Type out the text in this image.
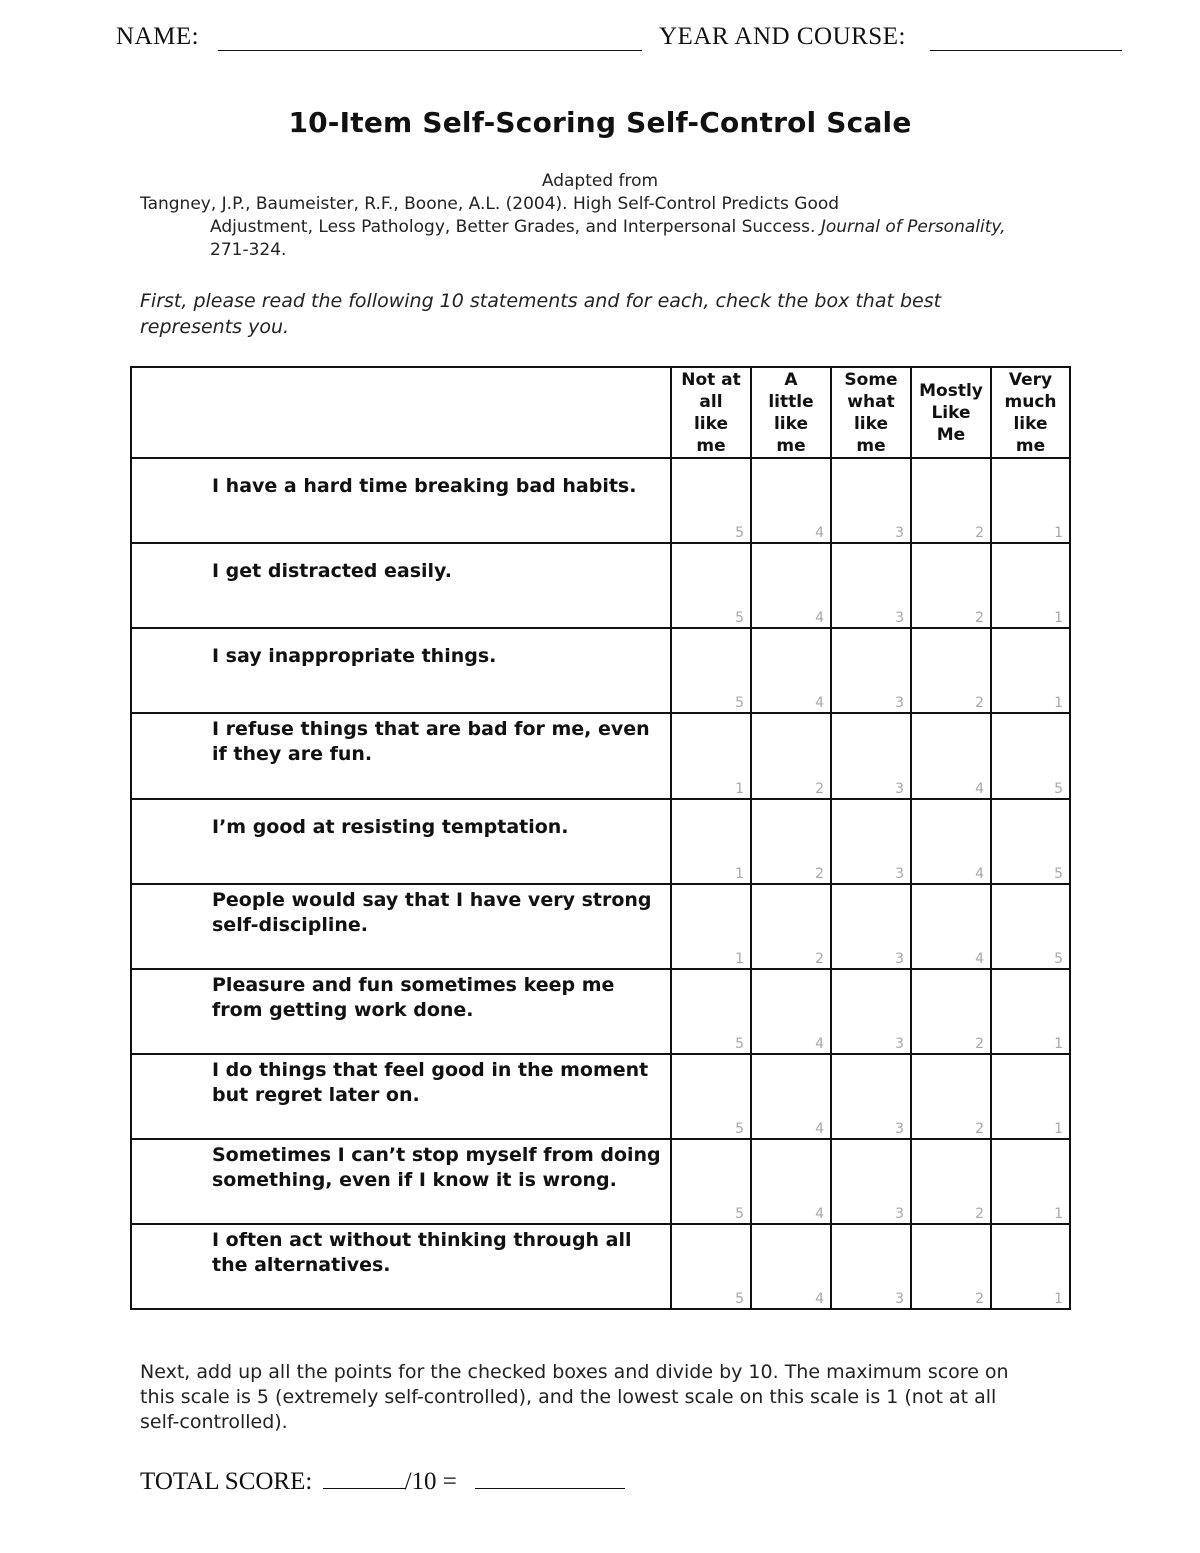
NAME:	YEAR AND COURSE:
10-Item Self-Scoring Self-Control Scale
Adapted from
Tangney, J.P., Baumeister, R.F., Boone, A.L. (2004). High Self-Control Predicts Good
Adjustment, Less Pathology, Better Grades, and Interpersonal Success. Journal of Personality,
271-324.
First, please read the following 10 statements and for each, check the box that best represents you.

	Not at
all
like
me	A
little
like
me	Some
what
like
me	Mostly
Like
Me	Very
much
like
me

I have a hard time breaking bad habits.	5	4	3	2	1

I get distracted easily.	5	4	3	2	1

I say inappropriate things.	5	4	3	2	1

I refuse things that are bad for me, even if they are fun.	1	2	3	4	5

I’m good at resisting temptation.	1	2	3	4	5

People would say that I have very strong self-discipline.	1	2	3	4	5

Pleasure and fun sometimes keep me from getting work done.	5	4	3	2	1

I do things that feel good in the moment but regret later on.	5	4	3	2	1

Sometimes I can’t stop myself from doing something, even if I know it is wrong.	5	4	3	2	1

I often act without thinking through all the alternatives.	5	4	3	2	1
Next, add up all the points for the checked boxes and divide by 10. The maximum score on this scale is 5 (extremely self-controlled), and the lowest scale on this scale is 1 (not at all self-controlled).
TOTAL SCORE:	/10 =
